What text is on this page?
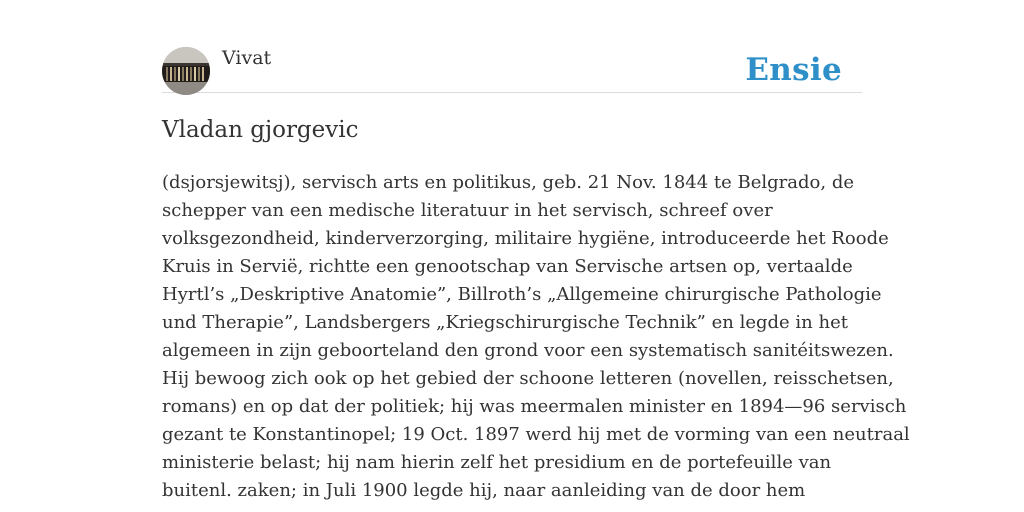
Vivat	Ensie
Vladan gjorgevic
(dsjorsjewitsj), servisch arts en politikus, geb. 21 Nov. 1844 te Belgrado, de
schepper van een medische literatuur in het servisch, schreef over
volksgezondheid, kinderverzorging, militaire hygiëne, introduceerde het Roode
Kruis in Servië, richtte een genootschap van Servische artsen op, vertaalde
Hyrtl’s „Deskriptive Anatomie”, Billroth’s „Allgemeine chirurgische Pathologie
und Therapie”, Landsbergers „Kriegschirurgische Technik” en legde in het
algemeen in zijn geboorteland den grond voor een systematisch sanitéitswezen.
Hij bewoog zich ook op het gebied der schoone letteren (novellen, reisschetsen,
romans) en op dat der politiek; hij was meermalen minister en 1894—96 servisch
gezant te Konstantinopel; 19 Oct. 1897 werd hij met de vorming van een neutraal
ministerie belast; hij nam hierin zelf het presidium en de portefeuille van
buitenl. zaken; in Juli 1900 legde hij, naar aanleiding van de door hem
